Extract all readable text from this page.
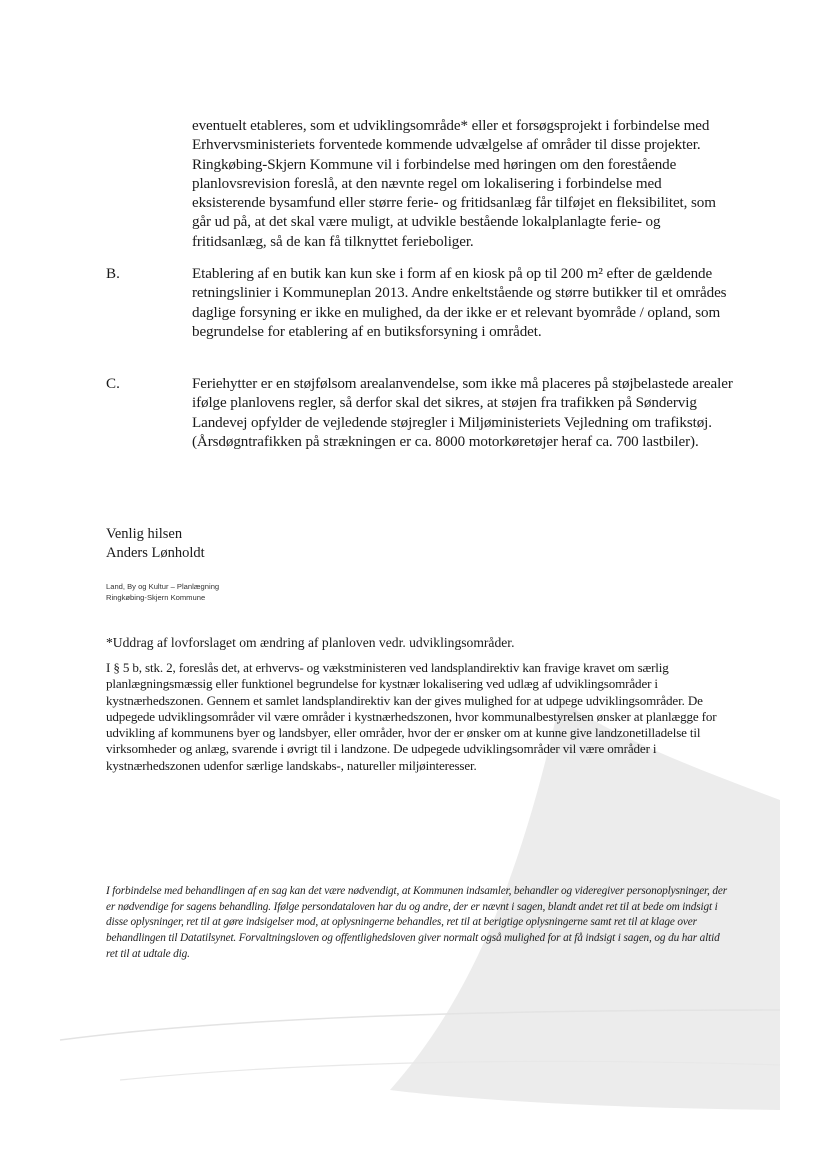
eventuelt etableres, som et udviklingsområde* eller et forsøgsprojekt i forbindelse med Erhvervsministeriets forventede kommende udvælgelse af områder til disse projekter. Ringkøbing-Skjern Kommune vil i forbindelse med høringen om den forestående planlovsrevision foreslå, at den nævnte regel om lokalisering i forbindelse med eksisterende bysamfund eller større ferie- og fritidsanlæg får tilføjet en fleksibilitet, som går ud på, at det skal være muligt, at udvikle bestående lokalplanlagte ferie- og fritidsanlæg, så de kan få tilknyttet ferieboliger.
B.	Etablering af en butik kan kun ske i form af en kiosk på op til 200 m² efter de gældende retningslinier i Kommuneplan 2013. Andre enkeltstående og større butikker til et områdes daglige forsyning er ikke en mulighed, da der ikke er et relevant byområde / opland, som begrundelse for etablering af en butiksforsyning i området.
C.	Feriehytter er en støjfølsom arealanvendelse, som ikke må placeres på støjbelastede arealer ifølge planlovens regler, så derfor skal det sikres, at støjen fra trafikken på Søndervig Landevej opfylder de vejledende støjregler i Miljøministeriets Vejledning om trafikstøj. (Årsdøgntrafikken på strækningen er ca. 8000 motorkøretøjer heraf ca. 700 lastbiler).
Venlig hilsen
Anders Lønholdt
Land, By og Kultur – Planlægning
Ringkøbing-Skjern Kommune
*Uddrag af lovforslaget om ændring af planloven vedr. udviklingsområder.
I § 5 b, stk. 2, foreslås det, at erhvervs- og vækstministeren ved landsplandirektiv kan fravige kravet om særlig planlægningsmæssig eller funktionel begrundelse for kystnær lokalisering ved udlæg af udviklingsområder i kystnærhedszonen. Gennem et samlet landsplandirektiv kan der gives mulighed for at udpege udviklingsområder. De udpegede udviklingsområder vil være områder i kystnærhedszonen, hvor kommunalbestyrelsen ønsker at planlægge for udvikling af kommunens byer og landsbyer, eller områder, hvor der er ønsker om at kunne give landzonetilladelse til virksomheder og anlæg, svarende i øvrigt til i landzone. De udpegede udviklingsområder vil være områder i kystnærhedszonen udenfor særlige landskabs-, natureller miljøinteresser.
I forbindelse med behandlingen af en sag kan det være nødvendigt, at Kommunen indsamler, behandler og videregiver personoplysninger, der er nødvendige for sagens behandling. Ifølge persondataloven har du og andre, der er nævnt i sagen, blandt andet ret til at bede om indsigt i disse oplysninger, ret til at gøre indsigelser mod, at oplysningerne behandles, ret til at berigtige oplysningerne samt ret til at klage over behandlingen til Datatilsynet. Forvaltningsloven og offentlighedsloven giver normalt også mulighed for at få indsigt i sagen, og du har altid ret til at udtale dig.
